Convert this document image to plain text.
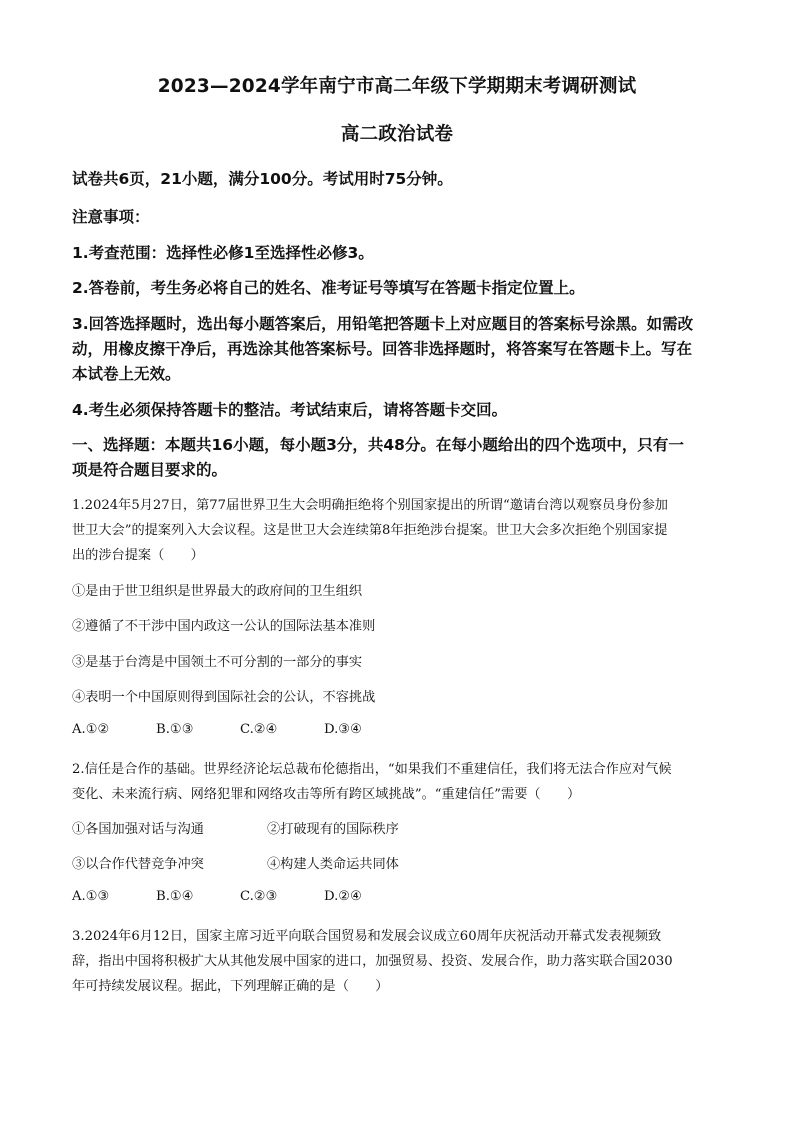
2023—2024学年南宁市高二年级下学期期末考调研测试
高二政治试卷
试卷共6页，21小题，满分100分。考试用时75分钟。
注意事项：
1.考查范围：选择性必修1至选择性必修3。
2.答卷前，考生务必将自己的姓名、准考证号等填写在答题卡指定位置上。
3.回答选择题时，选出每小题答案后，用铅笔把答题卡上对应题目的答案标号涂黑。如需改
动，用橡皮擦干净后，再选涂其他答案标号。回答非选择题时，将答案写在答题卡上。写在
本试卷上无效。
4.考生必须保持答题卡的整洁。考试结束后，请将答题卡交回。
一、选择题：本题共16小题，每小题3分，共48分。在每小题给出的四个选项中，只有一
项是符合题目要求的。
1.2024年5月27日，第77届世界卫生大会明确拒绝将个别国家提出的所谓“邀请台湾以观察员身份参加
世卫大会”的提案列入大会议程。这是世卫大会连续第8年拒绝涉台提案。世卫大会多次拒绝个别国家提
出的涉台提案（　　）
①是由于世卫组织是世界最大的政府间的卫生组织
②遵循了不干涉中国内政这一公认的国际法基本准则
③是基于台湾是中国领土不可分割的一部分的事实
④表明一个中国原则得到国际社会的公认，不容挑战
A.①②	B.①③	C.②④	D.③④
2.信任是合作的基础。世界经济论坛总裁布伦德指出，“如果我们不重建信任，我们将无法合作应对气候
变化、未来流行病、网络犯罪和网络攻击等所有跨区域挑战”。“重建信任”需要（　　）
①各国加强对话与沟通	②打破现有的国际秩序
③以合作代替竞争冲突	④构建人类命运共同体
A.①③	B.①④	C.②③	D.②④
3.2024年6月12日，国家主席习近平向联合国贸易和发展会议成立60周年庆祝活动开幕式发表视频致
辞，指出中国将积极扩大从其他发展中国家的进口，加强贸易、投资、发展合作，助力落实联合国2030
年可持续发展议程。据此，下列理解正确的是（　　）
